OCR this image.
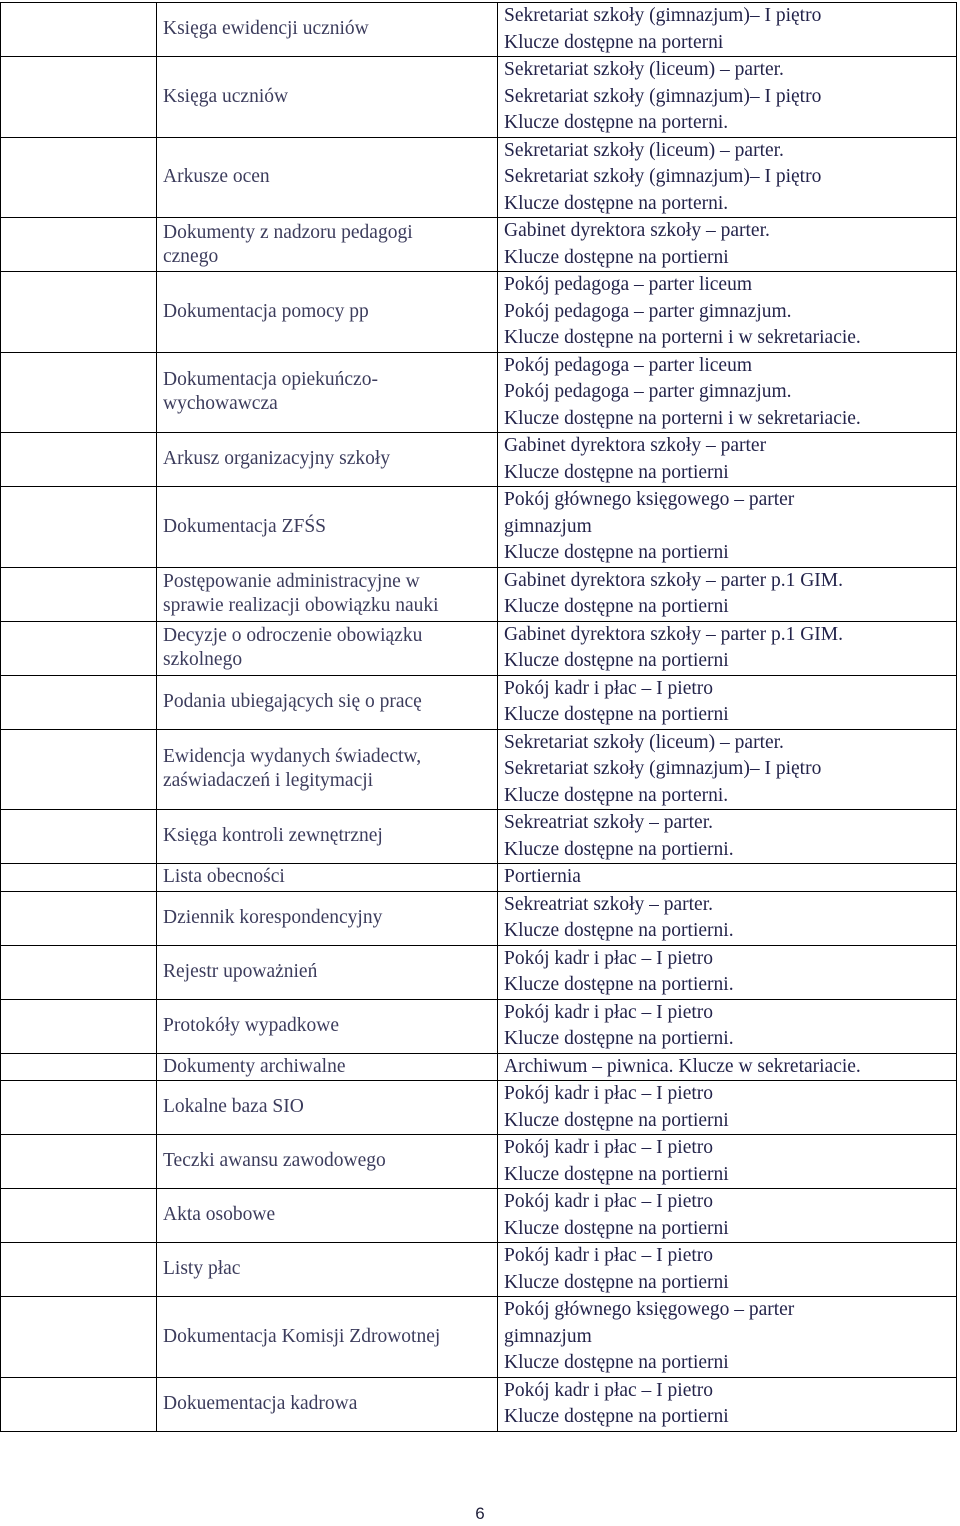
	Księga ewidencji uczniów	Sekretariat szkoły (gimnazjum)– I piętro
Klucze dostępne na porterni

	Księga uczniów	Sekretariat szkoły (liceum) – parter.
Sekretariat szkoły (gimnazjum)– I piętro
Klucze dostępne na porterni.

	Arkusze ocen	Sekretariat szkoły (liceum) – parter.
Sekretariat szkoły (gimnazjum)– I piętro
Klucze dostępne na porterni.

	Dokumenty z nadzoru pedagogi
cznego	Gabinet dyrektora szkoły – parter.
Klucze dostępne na portierni

	Dokumentacja pomocy pp	Pokój pedagoga – parter liceum
Pokój pedagoga – parter gimnazjum.
Klucze dostępne na porterni i w sekretariacie.

	Dokumentacja opiekuńczo-
wychowawcza	Pokój pedagoga – parter liceum
Pokój pedagoga – parter gimnazjum.
Klucze dostępne na porterni i w sekretariacie.

	Arkusz organizacyjny szkoły	Gabinet dyrektora szkoły – parter
Klucze dostępne na portierni

	Dokumentacja ZFŚS	Pokój głównego księgowego – parter
gimnazjum
Klucze dostępne na portierni

	Postępowanie administracyjne w
sprawie realizacji obowiązku nauki	Gabinet dyrektora szkoły – parter p.1 GIM.
Klucze dostępne na portierni

	Decyzje o odroczenie obowiązku
szkolnego	Gabinet dyrektora szkoły – parter p.1 GIM.
Klucze dostępne na portierni

	Podania ubiegających się o pracę	Pokój kadr i płac – I pietro
Klucze dostępne na portierni

	Ewidencja wydanych świadectw,
zaświadaczeń i legitymacji	Sekretariat szkoły (liceum) – parter.
Sekretariat szkoły (gimnazjum)– I piętro
Klucze dostępne na porterni.

	Księga kontroli zewnętrznej	Sekreatriat szkoły – parter.
Klucze dostępne na portierni.

	Lista obecności	Portiernia

	Dziennik korespondencyjny	Sekreatriat szkoły – parter.
Klucze dostępne na portierni.

	Rejestr upoważnień	Pokój kadr i płac – I pietro
Klucze dostępne na portierni.

	Protokóły wypadkowe	Pokój kadr i płac – I pietro
Klucze dostępne na portierni.

	Dokumenty archiwalne	Archiwum – piwnica. Klucze w sekretariacie.

	Lokalne baza SIO	Pokój kadr i płac – I pietro
Klucze dostępne na portierni

	Teczki awansu zawodowego	Pokój kadr i płac – I pietro
Klucze dostępne na portierni

	Akta osobowe	Pokój kadr i płac – I pietro
Klucze dostępne na portierni

	Listy płac	Pokój kadr i płac – I pietro
Klucze dostępne na portierni

	Dokumentacja Komisji Zdrowotnej	Pokój głównego księgowego – parter
gimnazjum
Klucze dostępne na portierni

	Dokuementacja kadrowa	Pokój kadr i płac – I pietro
Klucze dostępne na portierni
6
